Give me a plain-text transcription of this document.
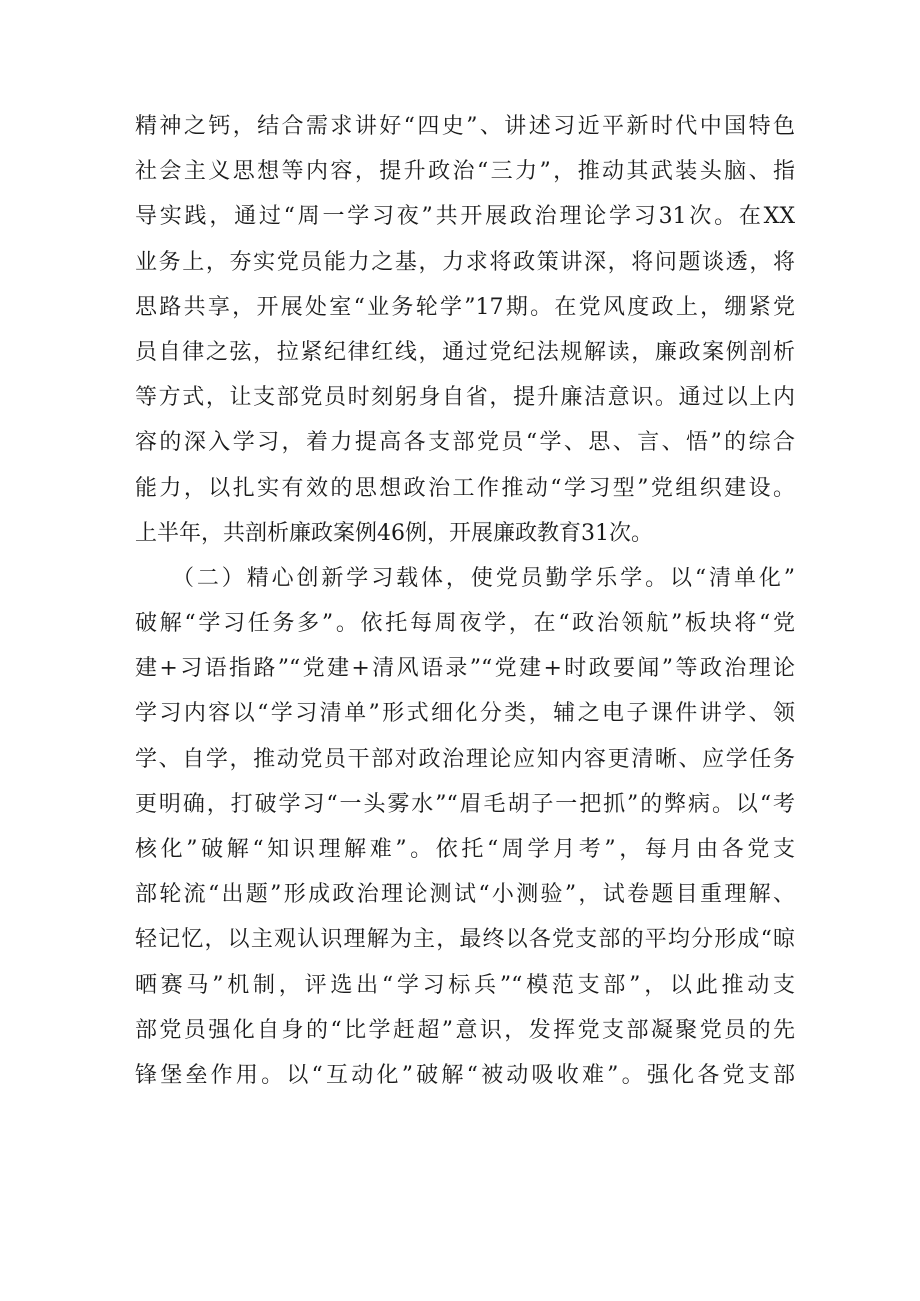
精神之钙，结合需求讲好“四史”、讲述习近平新时代中国特色
社会主义思想等内容，提升政治“三力”，推动其武装头脑、指
导实践，通过“周一学习夜”共开展政治理论学习31次。在XX
业务上，夯实党员能力之基，力求将政策讲深，将问题谈透，将
思路共享，开展处室“业务轮学”17期。在党风度政上，绷紧党
员自律之弦，拉紧纪律红线，通过党纪法规解读，廉政案例剖析
等方式，让支部党员时刻躬身自省，提升廉洁意识。通过以上内
容的深入学习，着力提高各支部党员“学、思、言、悟”的综合
能力，以扎实有效的思想政治工作推动“学习型”党组织建设。
上半年，共剖析廉政案例46例，开展廉政教育31次。
（二）精心创新学习载体，使党员勤学乐学。以“清单化”
破解“学习任务多”。依托每周夜学，在“政治领航”板块将“党
建+习语指路”“党建+清风语录”“党建+时政要闻”等政治理论
学习内容以“学习清单”形式细化分类，辅之电子课件讲学、领
学、自学，推动党员干部对政治理论应知内容更清晰、应学任务
更明确，打破学习“一头雾水”“眉毛胡子一把抓”的弊病。以“考
核化”破解“知识理解难”。依托“周学月考”，每月由各党支
部轮流“出题”形成政治理论测试“小测验”，试卷题目重理解、
轻记忆，以主观认识理解为主，最终以各党支部的平均分形成“晾
晒赛马”机制，评选出“学习标兵”“模范支部”，以此推动支
部党员强化自身的“比学赶超”意识，发挥党支部凝聚党员的先
锋堡垒作用。以“互动化”破解“被动吸收难”。强化各党支部
